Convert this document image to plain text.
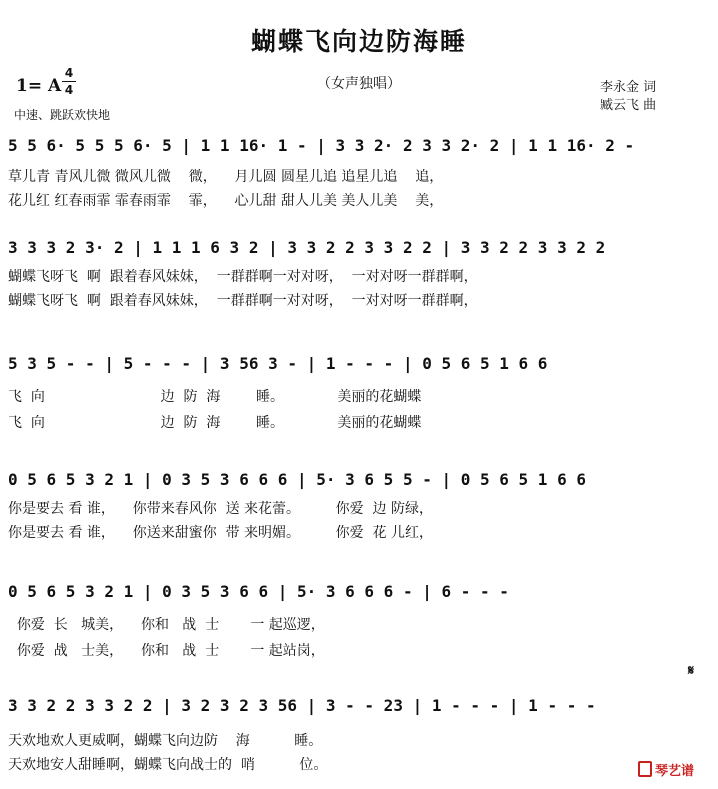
蝴蝶飞向边防海睡
1= A
4
4
中速、跳跃欢快地
（女声独唱）	李永金 词
臧云飞 曲
5 5 6· 5 5 5 6· 5 | 1 1 16· 1 - | 3 3 2· 2 3 3 2· 2 | 1 1 16· 2 -
草儿青 青风儿微 微风儿微    微，    月儿圆 圆星儿追 追星儿追    追，
花儿红 红春雨霏 霏春雨霏    霏，    心儿甜 甜人儿美 美人儿美    美，
3 3 3 2 3· 2 | 1 1 1 6 3 2 | 3 3 2 2 3 3 2 2 | 3 3 2 2 3 3 2 2
蝴蝶飞呀飞  啊  跟着春风妹妹，  一群群啊一对对呀，  一对对呀一群群啊，
蝴蝶飞呀飞  啊  跟着春风妹妹，  一群群啊一对对呀，  一对对呀一群群啊，
5 3 5 - - | 5 - - - | 3 56 3 - | 1 - - - | 0 5 6 5 1 6 6
飞  向                          边  防  海        睡。            美丽的花蝴蝶
飞  向                          边  防  海        睡。            美丽的花蝴蝶
0 5 6 5 3 2 1 | 0 3 5 3 6 6 6 | 5· 3 6 5 5 - | 0 5 6 5 1 6 6
你是要去 看 谁，    你带来春风你  送 来花蕾。        你爱  边 防绿，
你是要去 看 谁，    你送来甜蜜你  带 来明媚。        你爱  花 儿红，
0 5 6 5 3 2 1 | 0 3 5 3 6 6 | 5· 3 6 6 6 - | 6 - - -
你爱  长   城美，    你和   战  士       一 起巡逻，
你爱  战   士美，    你和   战  士       一 起站岗，
𝄋
3 3 2 2 3 3 2 2 | 3 2 3 2 3 56 | 3 - - 23 | 1 - - - | 1 - - -
天欢地欢人更威啊，蝴蝶飞向边防    海          睡。
天欢地安人甜睡啊，蝴蝶飞向战士的  哨          位。	琴艺谱
